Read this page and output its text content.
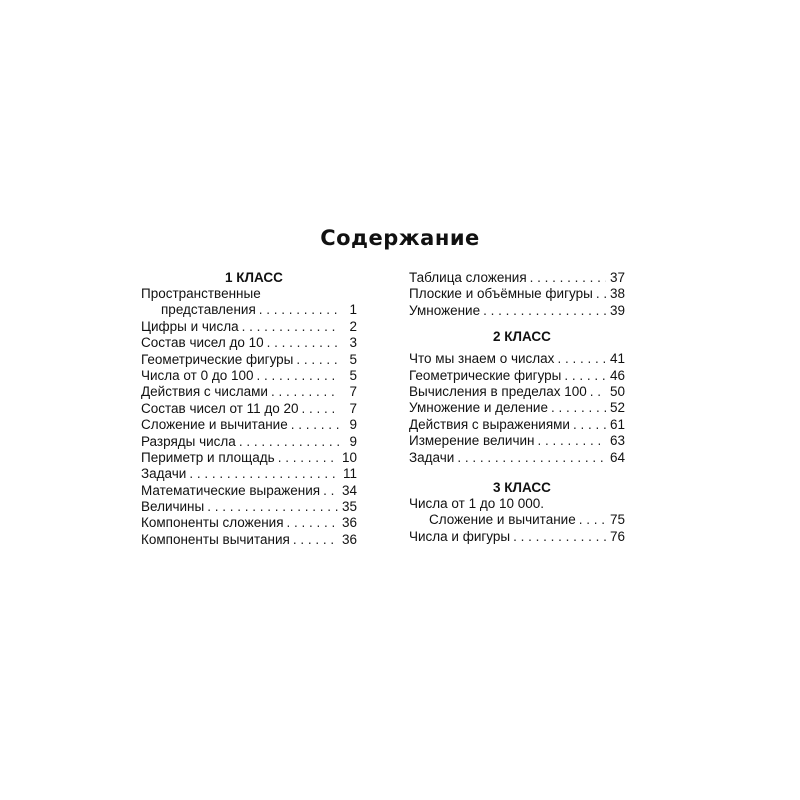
Содержание
1 КЛАСС
Пространственные
представления . . .	1
Цифры и числа . . .	2
Состав чисел до 10 . . .	3
Геометрические фигуры . . .	5
Числа от 0 до 100 . . .	5
Действия с числами . . .	7
Состав чисел от 11 до 20 . . .	7
Сложение и вычитание . . .	9
Разряды числа . . .	9
Периметр и площадь . . .	10
Задачи . . .	11
Математические выражения . . . 34
Величины . . .	35
Компоненты сложения . . .	36
Компоненты вычитания . . .	36
Таблица сложения . . .	37
Плоские и объёмные фигуры . . . 38
Умножение . . .	39
2 КЛАСС
Что мы знаем о числах . . .	41
Геометрические фигуры . . .	46
Вычисления в пределах 100 . . . 50
Умножение и деление . . .	52
Действия с выражениями . . .	61
Измерение величин . . .	63
Задачи . . .	64
3 КЛАСС
Числа от 1 до 10 000.
Сложение и вычитание . . .	75
Числа и фигуры . . .	76
